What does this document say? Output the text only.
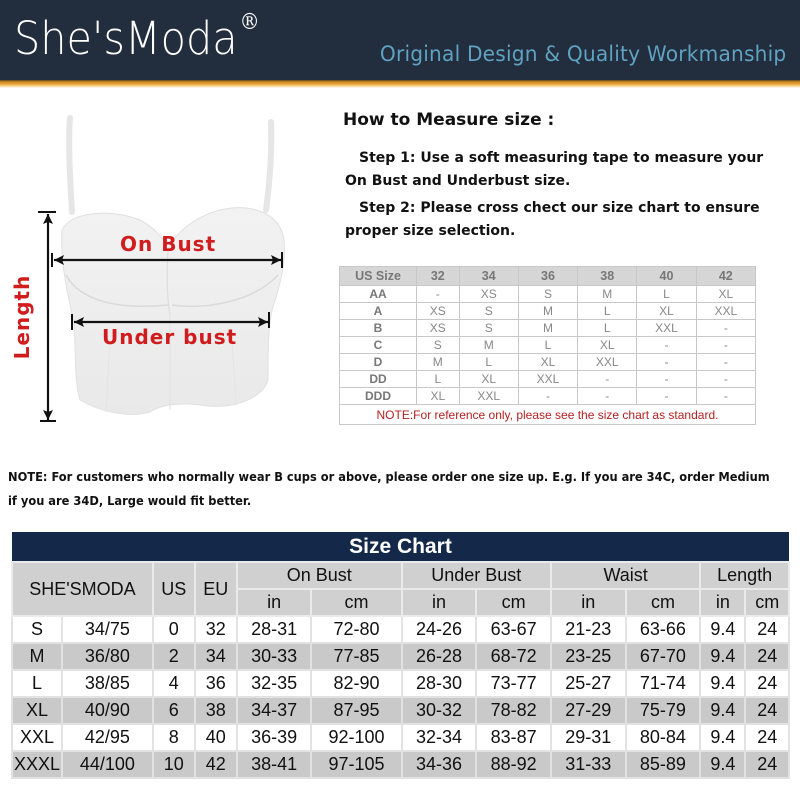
She'sModa®
Original Design & Quality Workmanship
On Bust
Under bust
Length
How to Measure size :
Step 1: Use a soft measuring tape to measure your On Bust and Underbust size.
Step 2: Please cross chect our size chart to ensure proper size selection.
US Size	32	34	36	38	40	42
AA	-	XS	S	M	L	XL
A	XS	S	M	L	XL	XXL
B	XS	S	M	L	XXL	-
C	S	M	L	XL	-	-
D	M	L	XL	XXL	-	-
DD	L	XL	XXL	-	-	-
DDD	XL	XXL	-	-	-	-
NOTE:For reference only, please see the size chart as standard.						
NOTE: For customers who normally wear B cups or above, please order one size up. E.g. If you are 34C, order Medium
if you are 34D, Large would fit better.
Size Chart											
SHE'SMODA		US	EU	On Bust		Under Bust		Waist		Length	
				in	cm	in	cm	in	cm	in	cm
S	34/75	0	32	28-31	72-80	24-26	63-67	21-23	63-66	9.4	24
M	36/80	2	34	30-33	77-85	26-28	68-72	23-25	67-70	9.4	24
L	38/85	4	36	32-35	82-90	28-30	73-77	25-27	71-74	9.4	24
XL	40/90	6	38	34-37	87-95	30-32	78-82	27-29	75-79	9.4	24
XXL	42/95	8	40	36-39	92-100	32-34	83-87	29-31	80-84	9.4	24
XXXL	44/100	10	42	38-41	97-105	34-36	88-92	31-33	85-89	9.4	24
